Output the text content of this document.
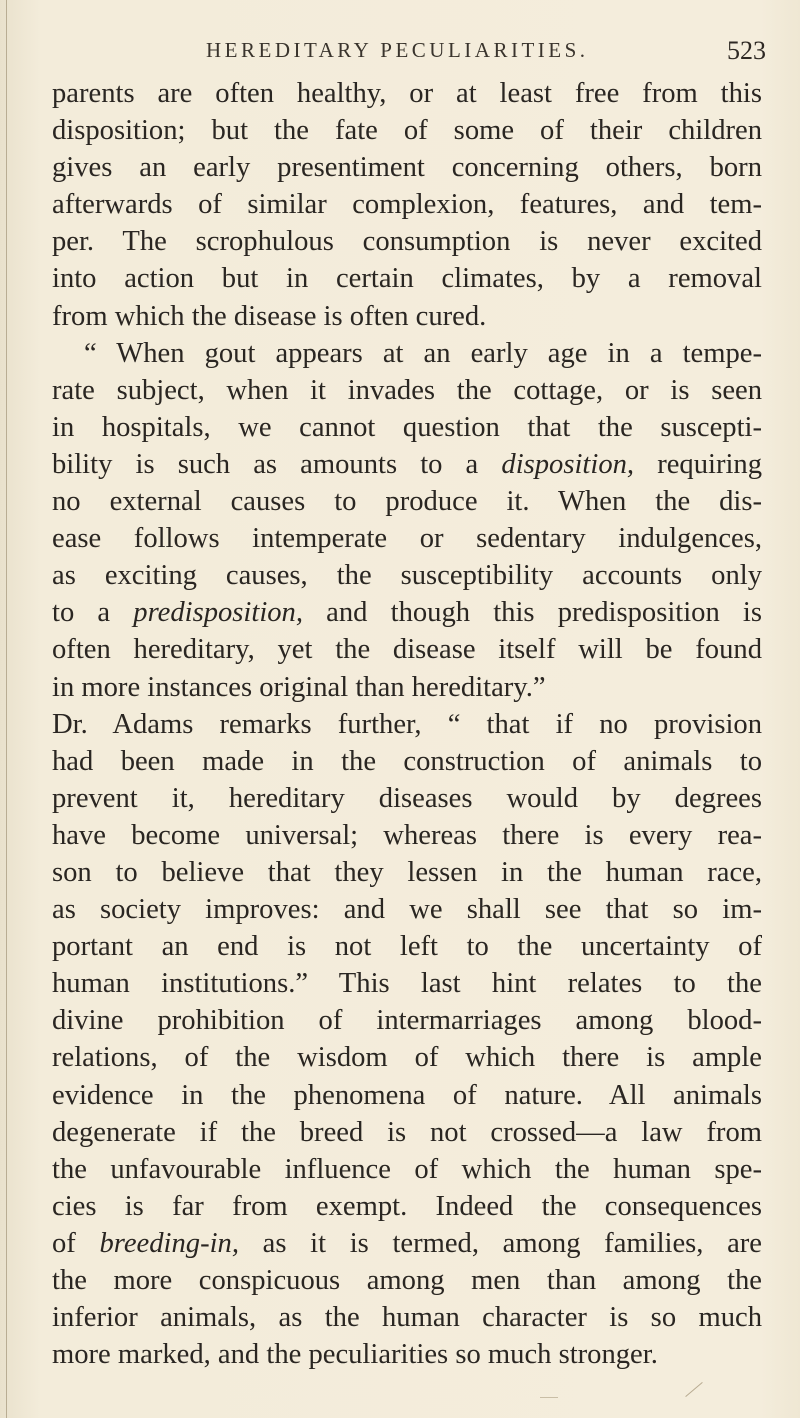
HEREDITARY PECULIARITIES.	523

parents are often healthy, or at least free from this
disposition; but the fate of some of their children
gives an early presentiment concerning others, born
afterwards of similar complexion, features, and tem-
per. The scrophulous consumption is never excited
into action but in certain climates, by a removal
from which the disease is often cured.

“ When gout appears at an early age in a tempe-
rate subject, when it invades the cottage, or is seen
in hospitals, we cannot question that the suscepti-
bility is such as amounts to a disposition, requiring
no external causes to produce it. When the dis-
ease follows intemperate or sedentary indulgences,
as exciting causes, the susceptibility accounts only
to a predisposition, and though this predisposition is
often hereditary, yet the disease itself will be found
in more instances original than hereditary.”

Dr. Adams remarks further, “ that if no provision
had been made in the construction of animals to
prevent it, hereditary diseases would by degrees
have become universal; whereas there is every rea-
son to believe that they lessen in the human race,
as society improves: and we shall see that so im-
portant an end is not left to the uncertainty of
human institutions.” This last hint relates to the
divine prohibition of intermarriages among blood-
relations, of the wisdom of which there is ample
evidence in the phenomena of nature. All animals
degenerate if the breed is not crossed—a law from
the unfavourable influence of which the human spe-
cies is far from exempt. Indeed the consequences
of breeding-in, as it is termed, among families, are
the more conspicuous among men than among the
inferior animals, as the human character is so much
more marked, and the peculiarities so much stronger.
